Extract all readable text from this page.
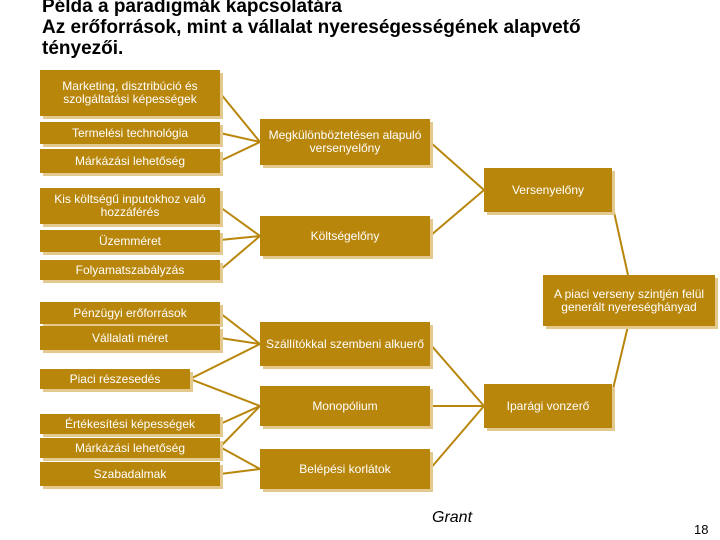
Példa a paradigmák kapcsolatára
Az erőforrások, mint a vállalat nyereségességének alapvető
tényezői.
Marketing, disztribúció és szolgáltatási képességek
Termelési technológia
Márkázási lehetőség
Kis költségű inputokhoz való hozzáférés
Üzemméret
Folyamatszabályzás
Pénzügyi erőforrások
Vállalati méret
Piaci részesedés
Értékesítési képességek
Márkázási lehetőség
Szabadalmak
Megkülönböztetésen alapuló versenyelőny
Költségelőny
Szállítókkal szembeni alkuerő
Monopólium
Belépési korlátok
Versenyelőny
A piaci verseny szintjén felül generált nyereséghányad
Iparági vonzerő
Grant
18
